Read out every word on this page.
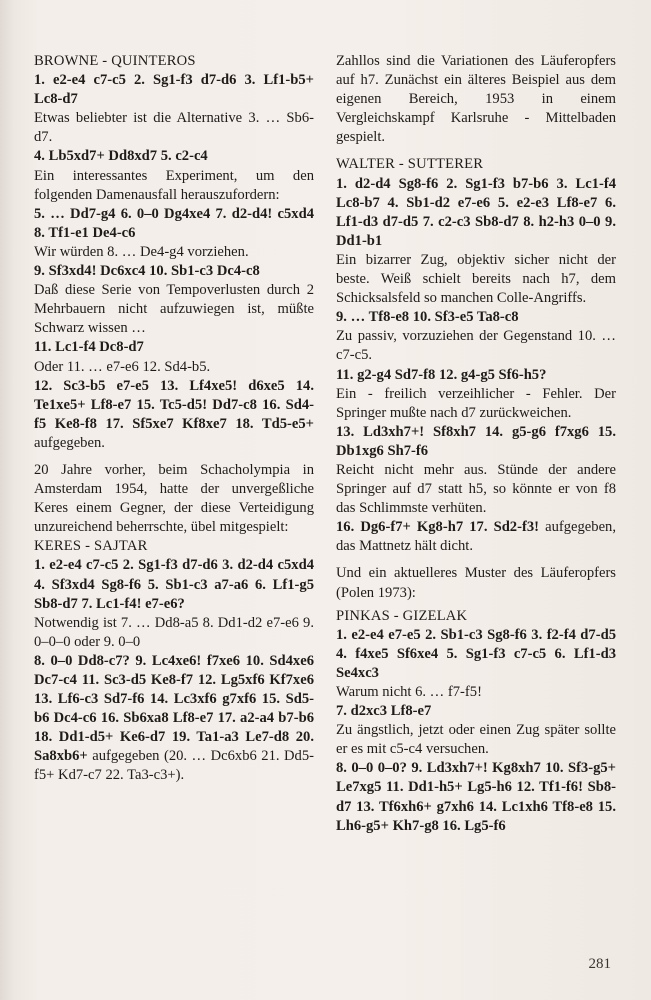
BROWNE - QUINTEROS
1. e2-e4 c7-c5 2. Sg1-f3 d7-d6 3. Lf1-b5+ Lc8-d7
Etwas beliebter ist die Alternative 3. … Sb6-d7.
4. Lb5xd7+ Dd8xd7 5. c2-c4
Ein interessantes Experiment, um den folgenden Damenausfall herauszufordern:
5. … Dd7-g4 6. 0–0 Dg4xe4 7. d2-d4! c5xd4 8. Tf1-e1 De4-c6
Wir würden 8. … De4-g4 vorziehen.
9. Sf3xd4! Dc6xc4 10. Sb1-c3 Dc4-c8
Daß diese Serie von Tempoverlusten durch 2 Mehrbauern nicht aufzuwiegen ist, müßte Schwarz wissen …
11. Lc1-f4 Dc8-d7
Oder 11. … e7-e6 12. Sd4-b5.
12. Sc3-b5 e7-e5 13. Lf4xe5! d6xe5 14. Te1xe5+ Lf8-e7 15. Tc5-d5! Dd7-c8 16. Sd4-f5 Ke8-f8 17. Sf5xe7 Kf8xe7 18. Td5-e5+ aufgegeben.
20 Jahre vorher, beim Schacholympia in Amsterdam 1954, hatte der unvergeßliche Keres einem Gegner, der diese Verteidigung unzureichend beherrschte, übel mitgespielt:
KERES - SAJTAR
1. e2-e4 c7-c5 2. Sg1-f3 d7-d6 3. d2-d4 c5xd4 4. Sf3xd4 Sg8-f6 5. Sb1-c3 a7-a6 6. Lf1-g5 Sb8-d7 7. Lc1-f4! e7-e6?
Notwendig ist 7. … Dd8-a5 8. Dd1-d2 e7-e6 9. 0–0–0 oder 9. 0–0
8. 0–0 Dd8-c7? 9. Lc4xe6! f7xe6 10. Sd4xe6 Dc7-c4 11. Sc3-d5 Ke8-f7 12. Lg5xf6 Kf7xe6 13. Lf6-c3 Sd7-f6 14. Lc3xf6 g7xf6 15. Sd5-b6 Dc4-c6 16. Sb6xa8 Lf8-e7 17. a2-a4 b7-b6 18. Dd1-d5+ Ke6-d7 19. Ta1-a3 Le7-d8 20. Sa8xb6+ aufgegeben (20. … Dc6xb6 21. Dd5-f5+ Kd7-c7 22. Ta3-c3+).
Zahllos sind die Variationen des Läuferopfers auf h7. Zunächst ein älteres Beispiel aus dem eigenen Bereich, 1953 in einem Vergleichskampf Karlsruhe - Mittelbaden gespielt.
WALTER - SUTTERER
1. d2-d4 Sg8-f6 2. Sg1-f3 b7-b6 3. Lc1-f4 Lc8-b7 4. Sb1-d2 e7-e6 5. e2-e3 Lf8-e7 6. Lf1-d3 d7-d5 7. c2-c3 Sb8-d7 8. h2-h3 0–0 9. Dd1-b1
Ein bizarrer Zug, objektiv sicher nicht der beste. Weiß schielt bereits nach h7, dem Schicksalsfeld so manchen Colle-Angriffs.
9. … Tf8-e8 10. Sf3-e5 Ta8-c8
Zu passiv, vorzuziehen der Gegenstand 10. … c7-c5.
11. g2-g4 Sd7-f8 12. g4-g5 Sf6-h5?
Ein - freilich verzeihlicher - Fehler. Der Springer mußte nach d7 zurückweichen.
13. Ld3xh7+! Sf8xh7 14. g5-g6 f7xg6 15. Db1xg6 Sh7-f6
Reicht nicht mehr aus. Stünde der andere Springer auf d7 statt h5, so könnte er von f8 das Schlimmste verhüten.
16. Dg6-f7+ Kg8-h7 17. Sd2-f3! aufgegeben, das Mattnetz hält dicht.
Und ein aktuelleres Muster des Läuferopfers (Polen 1973):
PINKAS - GIZELAK
1. e2-e4 e7-e5 2. Sb1-c3 Sg8-f6 3. f2-f4 d7-d5 4. f4xe5 Sf6xe4 5. Sg1-f3 c7-c5 6. Lf1-d3 Se4xc3
Warum nicht 6. … f7-f5!
7. d2xc3 Lf8-e7
Zu ängstlich, jetzt oder einen Zug später sollte er es mit c5-c4 versuchen.
8. 0–0 0–0? 9. Ld3xh7+! Kg8xh7 10. Sf3-g5+ Le7xg5 11. Dd1-h5+ Lg5-h6 12. Tf1-f6! Sb8-d7 13. Tf6xh6+ g7xh6 14. Lc1xh6 Tf8-e8 15. Lh6-g5+ Kh7-g8 16. Lg5-f6
281
